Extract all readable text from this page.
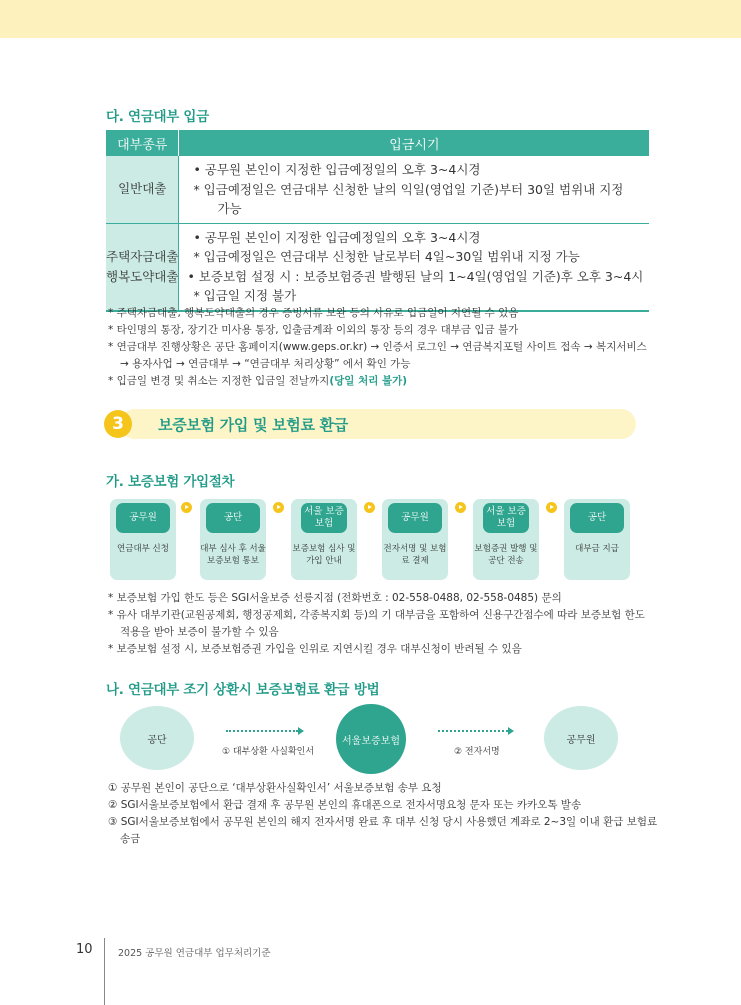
다. 연금대부 입금
대부종류	입금시기
일반대출	• 공무원 본인이 지정한 입금예정일의 오후 3~4시경
* 입금예정일은 연금대부 신청한 날의 익일(영업일 기준)부터 30일 범위내 지정
가능

주택자금대출
행복도약대출	• 공무원 본인이 지정한 입금예정일의 오후 3~4시경
* 입금예정일은 연금대부 신청한 날로부터 4일~30일 범위내 지정 가능
• 보증보험 설정 시 : 보증보험증권 발행된 날의 1~4일(영업일 기준)후 오후 3~4시
* 입금일 지정 불가
* 주택자금대출, 행복도약대출의 경우 증빙서류 보완 등의 사유로 입금일이 지연될 수 있음
* 타인명의 통장, 장기간 미사용 통장, 입출금계좌 이외의 통장 등의 경우 대부금 입금 불가
* 연금대부 진행상황은 공단 홈페이지(www.geps.or.kr) → 인증서 로그인 → 연금복지포털 사이트 접속 → 복지서비스
→ 용자사업 → 연금대부 → “연금대부 처리상황” 에서 확인 가능
* 입금일 변경 및 취소는 지정한 입금일 전날까지(당일 처리 불가)
3	보증보험 가입 및 보험료 환급
가. 보증보험 가입절차
공무원
연금대부 신청
공단
대부 심사 후 서울보증보험 통보
서울 보증보험
보증보험 심사 및 가입 안내
공무원
전자서명 및 보험료 결제
서울 보증보험
보험증권 발행 및 공단 전송
공단
대부금 지급
* 보증보험 가입 한도 등은 SGI서울보증 선릉지점 (전화번호 : 02-558-0488, 02-558-0485) 문의
* 유사 대부기관(교원공제회, 행정공제회, 각종복지회 등)의 기 대부금을 포함하여 신용구간점수에 따라 보증보험 한도
적용을 받아 보증이 불가할 수 있음
* 보증보험 설정 시, 보증보험증권 가입을 인위로 지연시킬 경우 대부신청이 반려될 수 있음
나. 연금대부 조기 상환시 보증보험료 환급 방법
공단
① 대부상환 사실확인서
서울보증보험
② 전자서명
공무원
① 공무원 본인이 공단으로 ‘대부상환사실확인서’ 서울보증보험 송부 요청
② SGI서울보증보험에서 환급 결재 후 공무원 본인의 휴대폰으로 전자서명요청 문자 또는 카카오톡 발송
③ SGI서울보증보험에서 공무원 본인의 해지 전자서명 완료 후 대부 신청 당시 사용했던 계좌로 2~3일 이내 환급 보험료
송금
10	2025 공무원 연금대부 업무처리기준
